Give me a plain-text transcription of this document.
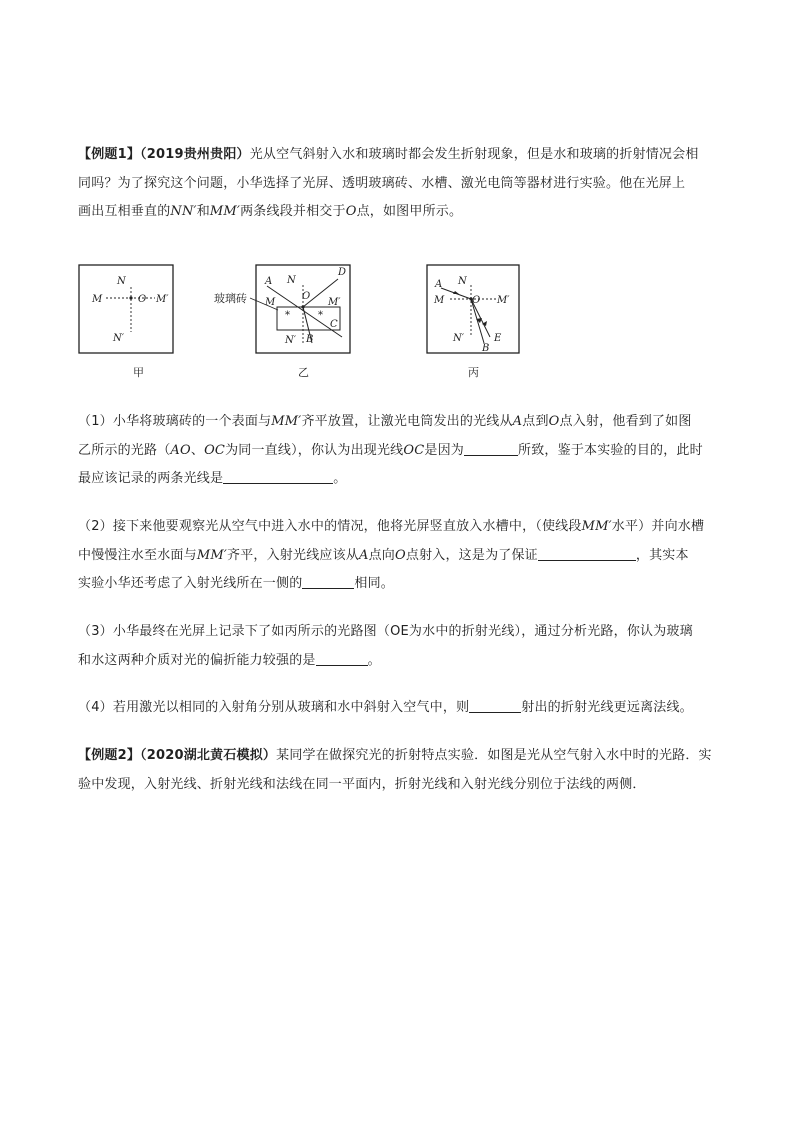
【例题1】（2019贵州贵阳）光从空气斜射入水和玻璃时都会发生折射现象，但是水和玻璃的折射情况会相
同吗？为了探究这个问题，小华选择了光屏、透明玻璃砖、水槽、激光电筒等器材进行实验。他在光屏上
画出互相垂直的NN′和MM′两条线段并相交于O点，如图甲所示。
N
M	O M′
N′
甲
*	*
玻璃砖
A N
D
O
M	M′
C
N′ B
乙
N
A
O
M	M′
N′	E
B
丙
（1）小华将玻璃砖的一个表面与MM′齐平放置，让激光电筒发出的光线从A点到O点入射，他看到了如图
乙所示的光路（AO、OC为同一直线），你认为出现光线OC是因为	所致，鉴于本实验的目的，此时
最应该记录的两条光线是	。
（2）接下来他要观察光从空气中进入水中的情况，他将光屏竖直放入水槽中，（使线段MM′水平）并向水槽
中慢慢注水至水面与MM′齐平，入射光线应该从A点向O点射入，这是为了保证	，其实本
实验小华还考虑了入射光线所在一侧的	相同。
（3）小华最终在光屏上记录下了如丙所示的光路图（OE为水中的折射光线），通过分析光路，你认为玻璃
和水这两种介质对光的偏折能力较强的是	。
（4）若用激光以相同的入射角分别从玻璃和水中斜射入空气中，则	射出的折射光线更远离法线。
【例题2】（2020湖北黄石模拟）某同学在做探究光的折射特点实验．如图是光从空气射入水中时的光路．实
验中发现，入射光线、折射光线和法线在同一平面内，折射光线和入射光线分别位于法线的两侧．
